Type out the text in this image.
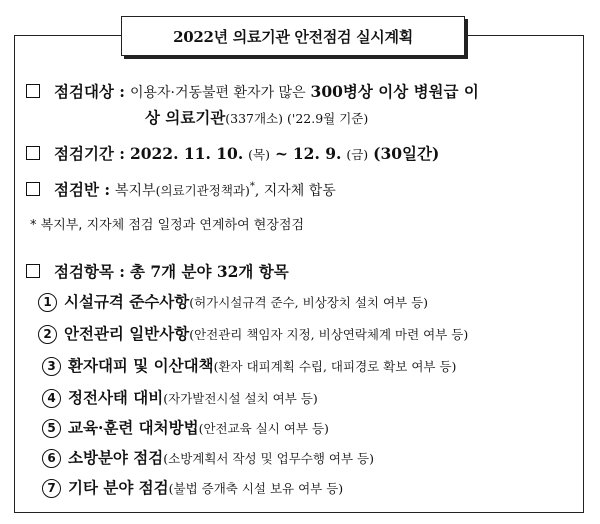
2022년 의료기관 안전점검 실시계획
점검대상 : 이용자·거동불편 환자가 많은 300병상 이상 병원급 이
상 의료기관(337개소) ('22.9월 기준)
점검기간 : 2022. 11. 10. (목) ~ 12. 9. (금) (30일간)
점검반 : 복지부(의료기관정책과)*, 지자체 합동
* 복지부, 지자체 점검 일정과 연계하여 현장점검
점검항목 : 총 7개 분야 32개 항목
1 시설규격 준수사항(허가시설규격 준수, 비상장치 설치 여부 등)
2 안전관리 일반사항(안전관리 책임자 지정, 비상연락체계 마련 여부 등)
3 환자대피 및 이산대책(환자 대피계획 수립, 대피경로 확보 여부 등)
4 정전사태 대비(자가발전시설 설치 여부 등)
5 교육·훈련 대처방법(안전교육 실시 여부 등)
6 소방분야 점검(소방계획서 작성 및 업무수행 여부 등)
7 기타 분야 점검(불법 증개축 시설 보유 여부 등)
